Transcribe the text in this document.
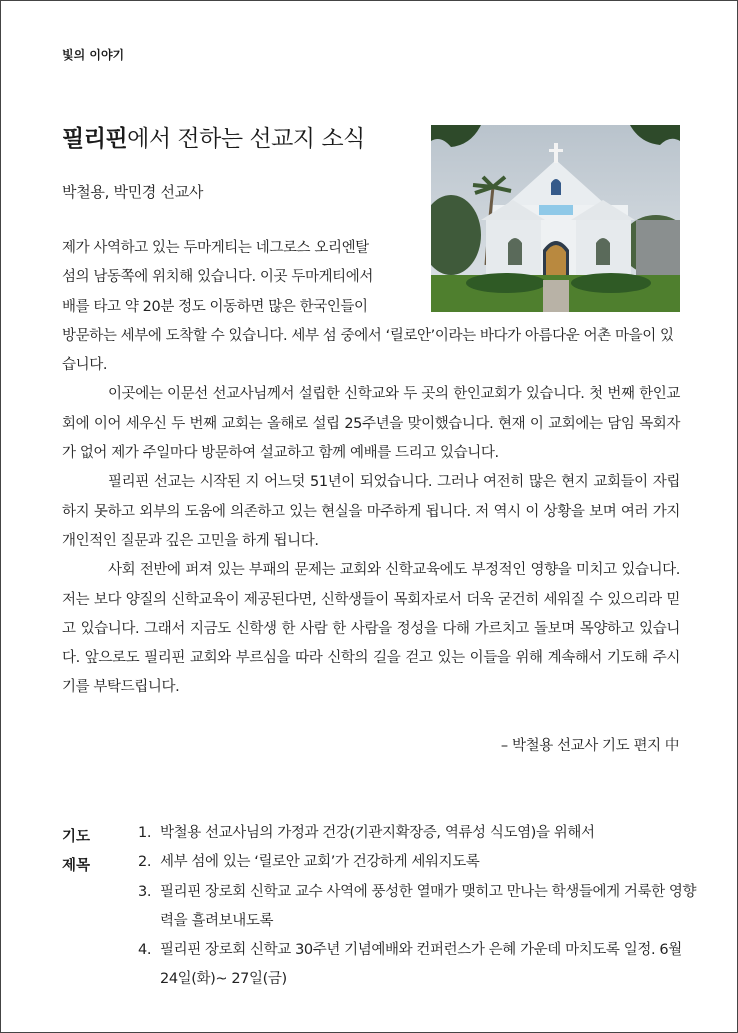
빛의 이야기
필리핀에서 전하는 선교지 소식
박철용, 박민경 선교사
제가 사역하고 있는 두마게티는 네그로스 오리엔탈
섬의 남동쪽에 위치해 있습니다. 이곳 두마게티에서
배를 타고 약 20분 정도 이동하면 많은 한국인들이

방문하는 세부에 도착할 수 있습니다. 세부 섬 중에서 ‘릴로안’이라는 바다가 아름다운 어촌 마을이 있습니다.

이곳에는 이문선 선교사님께서 설립한 신학교와 두 곳의 한인교회가 있습니다. 첫 번째 한인교회에 이어 세우신 두 번째 교회는 올해로 설립 25주년을 맞이했습니다. 현재 이 교회에는 담임 목회자가 없어 제가 주일마다 방문하여 설교하고 함께 예배를 드리고 있습니다.

필리핀 선교는 시작된 지 어느덧 51년이 되었습니다. 그러나 여전히 많은 현지 교회들이 자립하지 못하고 외부의 도움에 의존하고 있는 현실을 마주하게 됩니다. 저 역시 이 상황을 보며 여러 가지 개인적인 질문과 깊은 고민을 하게 됩니다.

사회 전반에 퍼져 있는 부패의 문제는 교회와 신학교육에도 부정적인 영향을 미치고 있습니다. 저는 보다 양질의 신학교육이 제공된다면, 신학생들이 목회자로서 더욱 굳건히 세워질 수 있으리라 믿고 있습니다. 그래서 지금도 신학생 한 사람 한 사람을 정성을 다해 가르치고 돌보며 목양하고 있습니다. 앞으로도 필리핀 교회와 부르심을 따라 신학의 길을 걷고 있는 이들을 위해 계속해서 기도해 주시기를 부탁드립니다.

– 박철용 선교사 기도 편지 中
기도 제목
1. 박철용 선교사님의 가정과 건강(기관지확장증, 역류성 식도염)을 위해서
2. 세부 섬에 있는 ‘릴로안 교회’가 건강하게 세워지도록
3. 필리핀 장로회 신학교 교수 사역에 풍성한 열매가 맺히고 만나는 학생들에게 거룩한 영향력을 흘려보내도록
4. 필리핀 장로회 신학교 30주년 기념예배와 컨퍼런스가 은혜 가운데 마치도록 일정. 6월 24일(화)~ 27일(금)
